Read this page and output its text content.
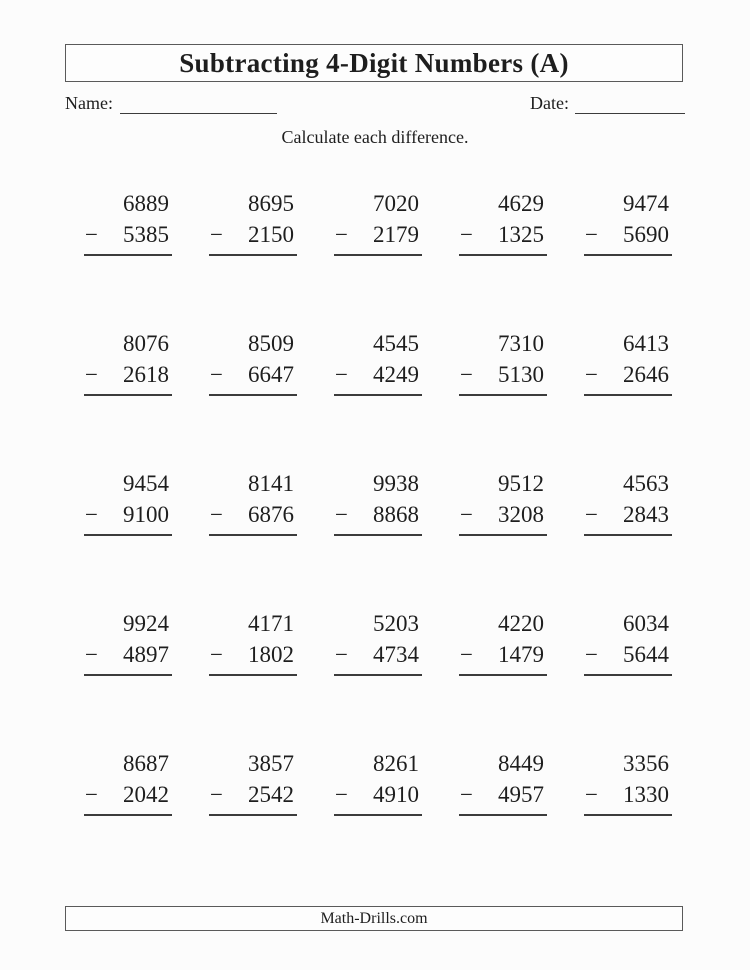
Subtracting 4-Digit Numbers (A)
Name:	Date:
Calculate each difference.
6889
− 5385
8695
− 2150
7020
− 2179
4629
− 1325
9474
− 5690
8076
− 2618
8509
− 6647
4545
− 4249
7310
− 5130
6413
− 2646
9454
− 9100
8141
− 6876
9938
− 8868
9512
− 3208
4563
− 2843
9924
− 4897
4171
− 1802
5203
− 4734
4220
− 1479
6034
− 5644
8687
− 2042
3857
− 2542
8261
− 4910
8449
− 4957
3356
− 1330
Math-Drills.com
